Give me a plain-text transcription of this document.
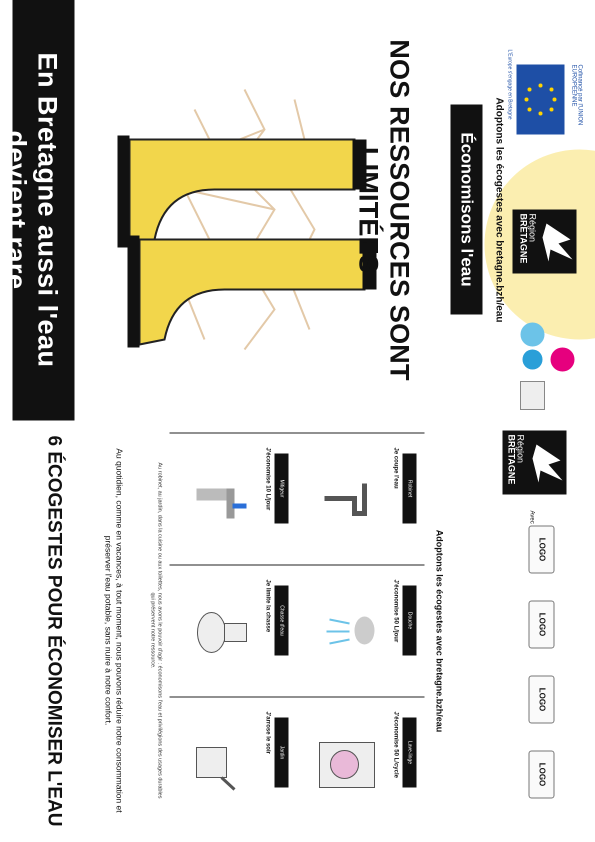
En Bretagne aussi l'eau devient rare	NOS RESSOURCES SONT LIMITÉES	Économisons l'eau Adoptons les écogestes avec bretagne.bzh/eau	Région
BRETAGNE
Cofinancé par l'UNION EUROPÉENNE
L'Europe s'engage en Bretagne
6 ÉCOGESTES POUR ÉCONOMISER L'EAU	Au quotidien, comme en vacances, à tout moment, nous pouvons réduire notre consommation et préserver l'eau potable, sans nuire à notre confort.	Au robinet, au jardin, dans la cuisine ou aux toilettes, nous avons le pouvoir d'agir : économisons l'eau et privilégions des usages durables qui préservent notre ressource.
Robinet
Je coupe l'eau
Douche
J'économise 50 L/jour
Lave-linge
J'économise 50 L/cycle
Mitigeur
J'économise 10 L/jour
Chasse d'eau
Je limite la chasse
Jardin
J'arrose le soir
Adoptons les écogestes avec bretagne.bzh/eau
Région
BRETAGNE
LOGO
LOGO
LOGO
LOGO
